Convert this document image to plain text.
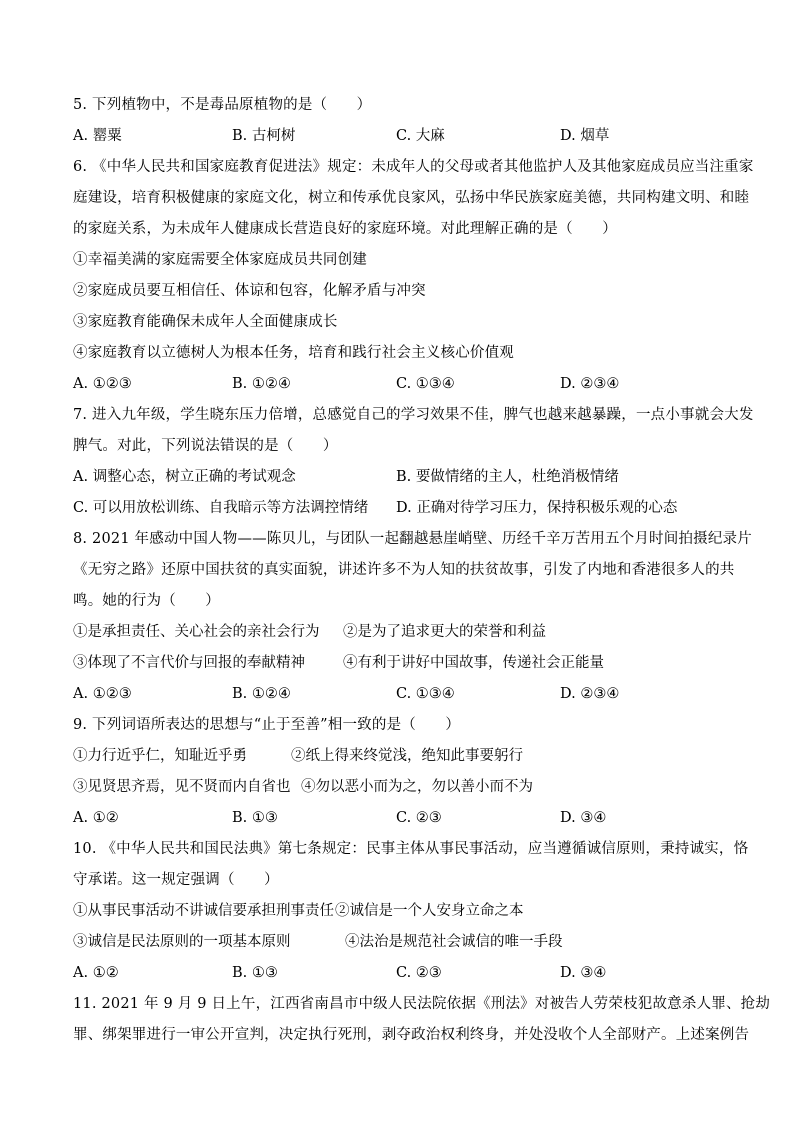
5. 下列植物中，不是毒品原植物的是（　　）
A. 罂粟	B. 古柯树	C. 大麻	D. 烟草
6. 《中华人民共和国家庭教育促进法》规定：未成年人的父母或者其他监护人及其他家庭成员应当注重家
庭建设，培育积极健康的家庭文化，树立和传承优良家风，弘扬中华民族家庭美德，共同构建文明、和睦
的家庭关系，为未成年人健康成长营造良好的家庭环境。对此理解正确的是（　　）
①幸福美满的家庭需要全体家庭成员共同创建
②家庭成员要互相信任、体谅和包容，化解矛盾与冲突
③家庭教育能确保未成年人全面健康成长
④家庭教育以立德树人为根本任务，培育和践行社会主义核心价值观
A. ①②③	B. ①②④	C. ①③④	D. ②③④
7. 进入九年级，学生晓东压力倍增，总感觉自己的学习效果不佳，脾气也越来越暴躁，一点小事就会大发
脾气。对此，下列说法错误的是（　　）
A. 调整心态，树立正确的考试观念	B. 要做情绪的主人，杜绝消极情绪
C. 可以用放松训练、自我暗示等方法调控情绪 D. 正确对待学习压力，保持积极乐观的心态
8. 2021 年感动中国人物——陈贝儿，与团队一起翻越悬崖峭壁、历经千辛万苦用五个月时间拍摄纪录片
《无穷之路》还原中国扶贫的真实面貌，讲述许多不为人知的扶贫故事，引发了内地和香港很多人的共
鸣。她的行为（　　）
①是承担责任、关心社会的亲社会行为 ②是为了追求更大的荣誉和利益
③体现了不言代价与回报的奉献精神	④有利于讲好中国故事，传递社会正能量
A. ①②③	B. ①②④	C. ①③④	D. ②③④
9. 下列词语所表达的思想与“止于至善”相一致的是（　　）
①力行近乎仁，知耻近乎勇	②纸上得来终觉浅，绝知此事要躬行
③见贤思齐焉，见不贤而内自省也 ④勿以恶小而为之，勿以善小而不为
A. ①②	B. ①③	C. ②③	D. ③④
10. 《中华人民共和国民法典》第七条规定：民事主体从事民事活动，应当遵循诚信原则，秉持诚实，恪
守承诺。这一规定强调（　　）
①从事民事活动不讲诚信要承担刑事责任 ②诚信是一个人安身立命之本
③诚信是民法原则的一项基本原则	④法治是规范社会诚信的唯一手段
A. ①②	B. ①③	C. ②③	D. ③④
11. 2021 年 9 月 9 日上午，江西省南昌市中级人民法院依据《刑法》对被告人劳荣枝犯故意杀人罪、抢劫
罪、绑架罪进行一审公开宣判，决定执行死刑，剥夺政治权利终身，并处没收个人全部财产。上述案例告
